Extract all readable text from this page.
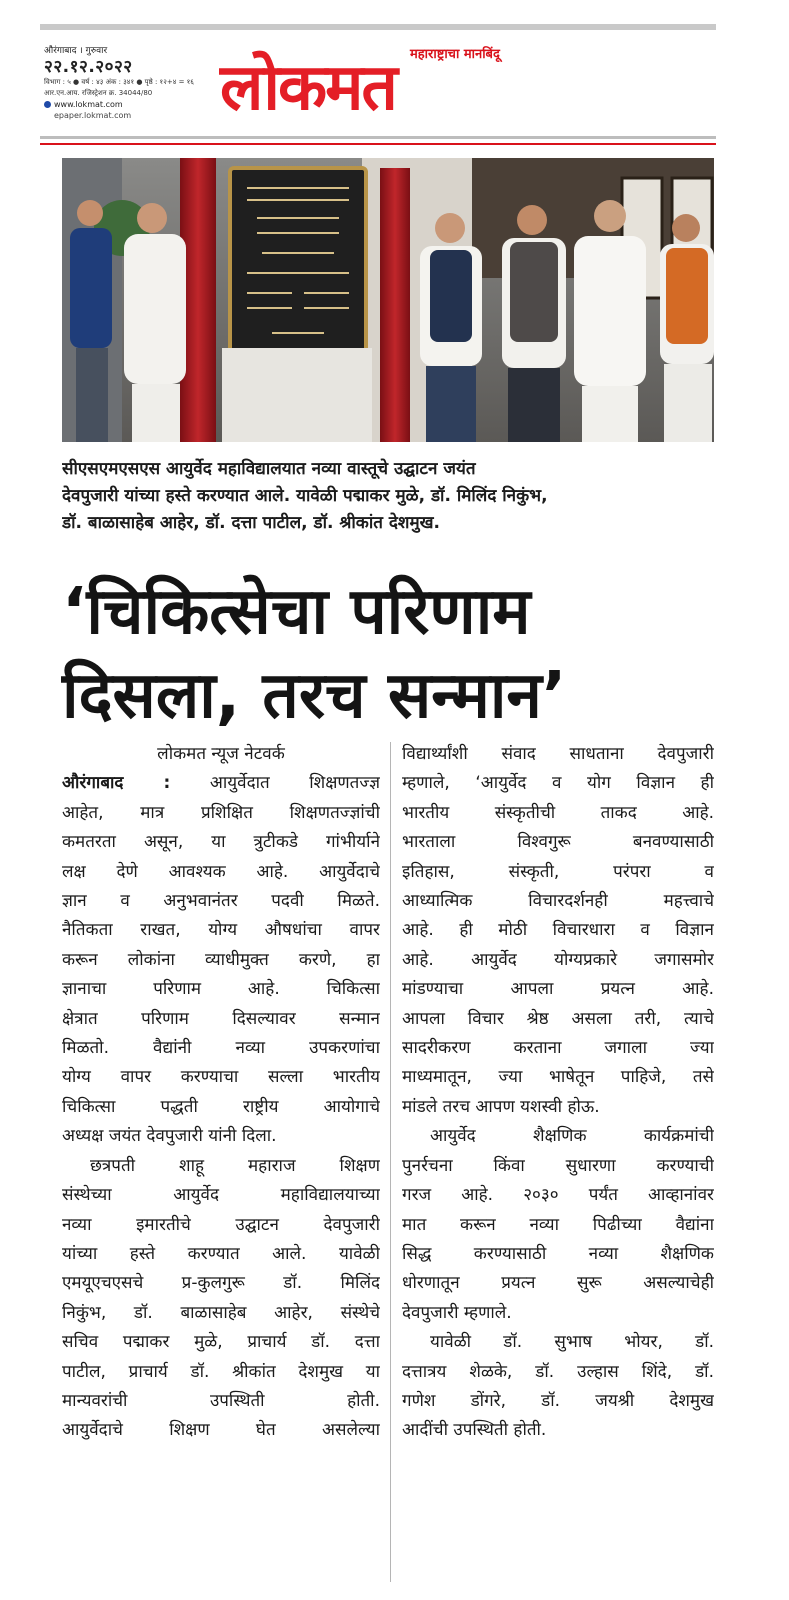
औरंगाबाद । गुरुवार
२२.१२.२०२२
विभाग : ५ ● वर्ष : ४३ अंक : ३४१ ● पृष्ठे : १२+४ = १६
आर.एन.आय. रजिस्ट्रेशन क्र. 34044/80
www.lokmat.com
epaper.lokmat.com
महाराष्ट्राचा मानबिंदू
लोकमत
सीएसएमएसएस आयुर्वेद महाविद्यालयात नव्या वास्तूचे उद्घाटन जयंत
देवपुजारी यांच्या हस्ते करण्यात आले. यावेळी पद्माकर मुळे, डॉ. मिलिंद निकुंभ,
डॉ. बाळासाहेब आहेर, डॉ. दत्ता पाटील, डॉ. श्रीकांत देशमुख.
‘चिकित्सेचा परिणाम
दिसला, तरच सन्मान’
लोकमत न्यूज नेटवर्क
औरंगाबाद : आयुर्वेदात शिक्षणतज्ज्ञ
आहेत, मात्र प्रशिक्षित शिक्षणतज्ज्ञांची
कमतरता असून, या त्रुटीकडे गांभीर्याने
लक्ष देणे आवश्यक आहे. आयुर्वेदाचे
ज्ञान व अनुभवानंतर पदवी मिळते.
नैतिकता राखत, योग्य औषधांचा वापर
करून लोकांना व्याधीमुक्त करणे, हा
ज्ञानाचा परिणाम आहे. चिकित्सा
क्षेत्रात परिणाम दिसल्यावर सन्मान
मिळतो. वैद्यांनी नव्या उपकरणांचा
योग्य वापर करण्याचा सल्ला भारतीय
चिकित्सा पद्धती राष्ट्रीय आयोगाचे
अध्यक्ष जयंत देवपुजारी यांनी दिला.
छत्रपती शाहू महाराज शिक्षण
संस्थेच्या आयुर्वेद महाविद्यालयाच्या
नव्या इमारतीचे उद्घाटन देवपुजारी
यांच्या हस्ते करण्यात आले. यावेळी
एमयूएचएसचे प्र-कुलगुरू डॉ. मिलिंद
निकुंभ, डॉ. बाळासाहेब आहेर, संस्थेचे
सचिव पद्माकर मुळे, प्राचार्य डॉ. दत्ता
पाटील, प्राचार्य डॉ. श्रीकांत देशमुख या
मान्यवरांची उपस्थिती होती.
आयुर्वेदाचे शिक्षण घेत असलेल्या
विद्यार्थ्यांशी संवाद साधताना देवपुजारी
म्हणाले, ‘आयुर्वेद व योग विज्ञान ही
भारतीय संस्कृतीची ताकद आहे.
भारताला विश्वगुरू बनवण्यासाठी
इतिहास, संस्कृती, परंपरा व
आध्यात्मिक विचारदर्शनही महत्त्वाचे
आहे. ही मोठी विचारधारा व विज्ञान
आहे. आयुर्वेद योग्यप्रकारे जगासमोर
मांडण्याचा आपला प्रयत्न आहे.
आपला विचार श्रेष्ठ असला तरी, त्याचे
सादरीकरण करताना जगाला ज्या
माध्यमातून, ज्या भाषेतून पाहिजे, तसे
मांडले तरच आपण यशस्वी होऊ.
आयुर्वेद शैक्षणिक कार्यक्रमांची
पुनर्रचना किंवा सुधारणा करण्याची
गरज आहे. २०३० पर्यंत आव्हानांवर
मात करून नव्या पिढीच्या वैद्यांना
सिद्ध करण्यासाठी नव्या शैक्षणिक
धोरणातून प्रयत्न सुरू असल्याचेही
देवपुजारी म्हणाले.
यावेळी डॉ. सुभाष भोयर, डॉ.
दत्तात्रय शेळके, डॉ. उल्हास शिंदे, डॉ.
गणेश डोंगरे, डॉ. जयश्री देशमुख
आदींची उपस्थिती होती.
